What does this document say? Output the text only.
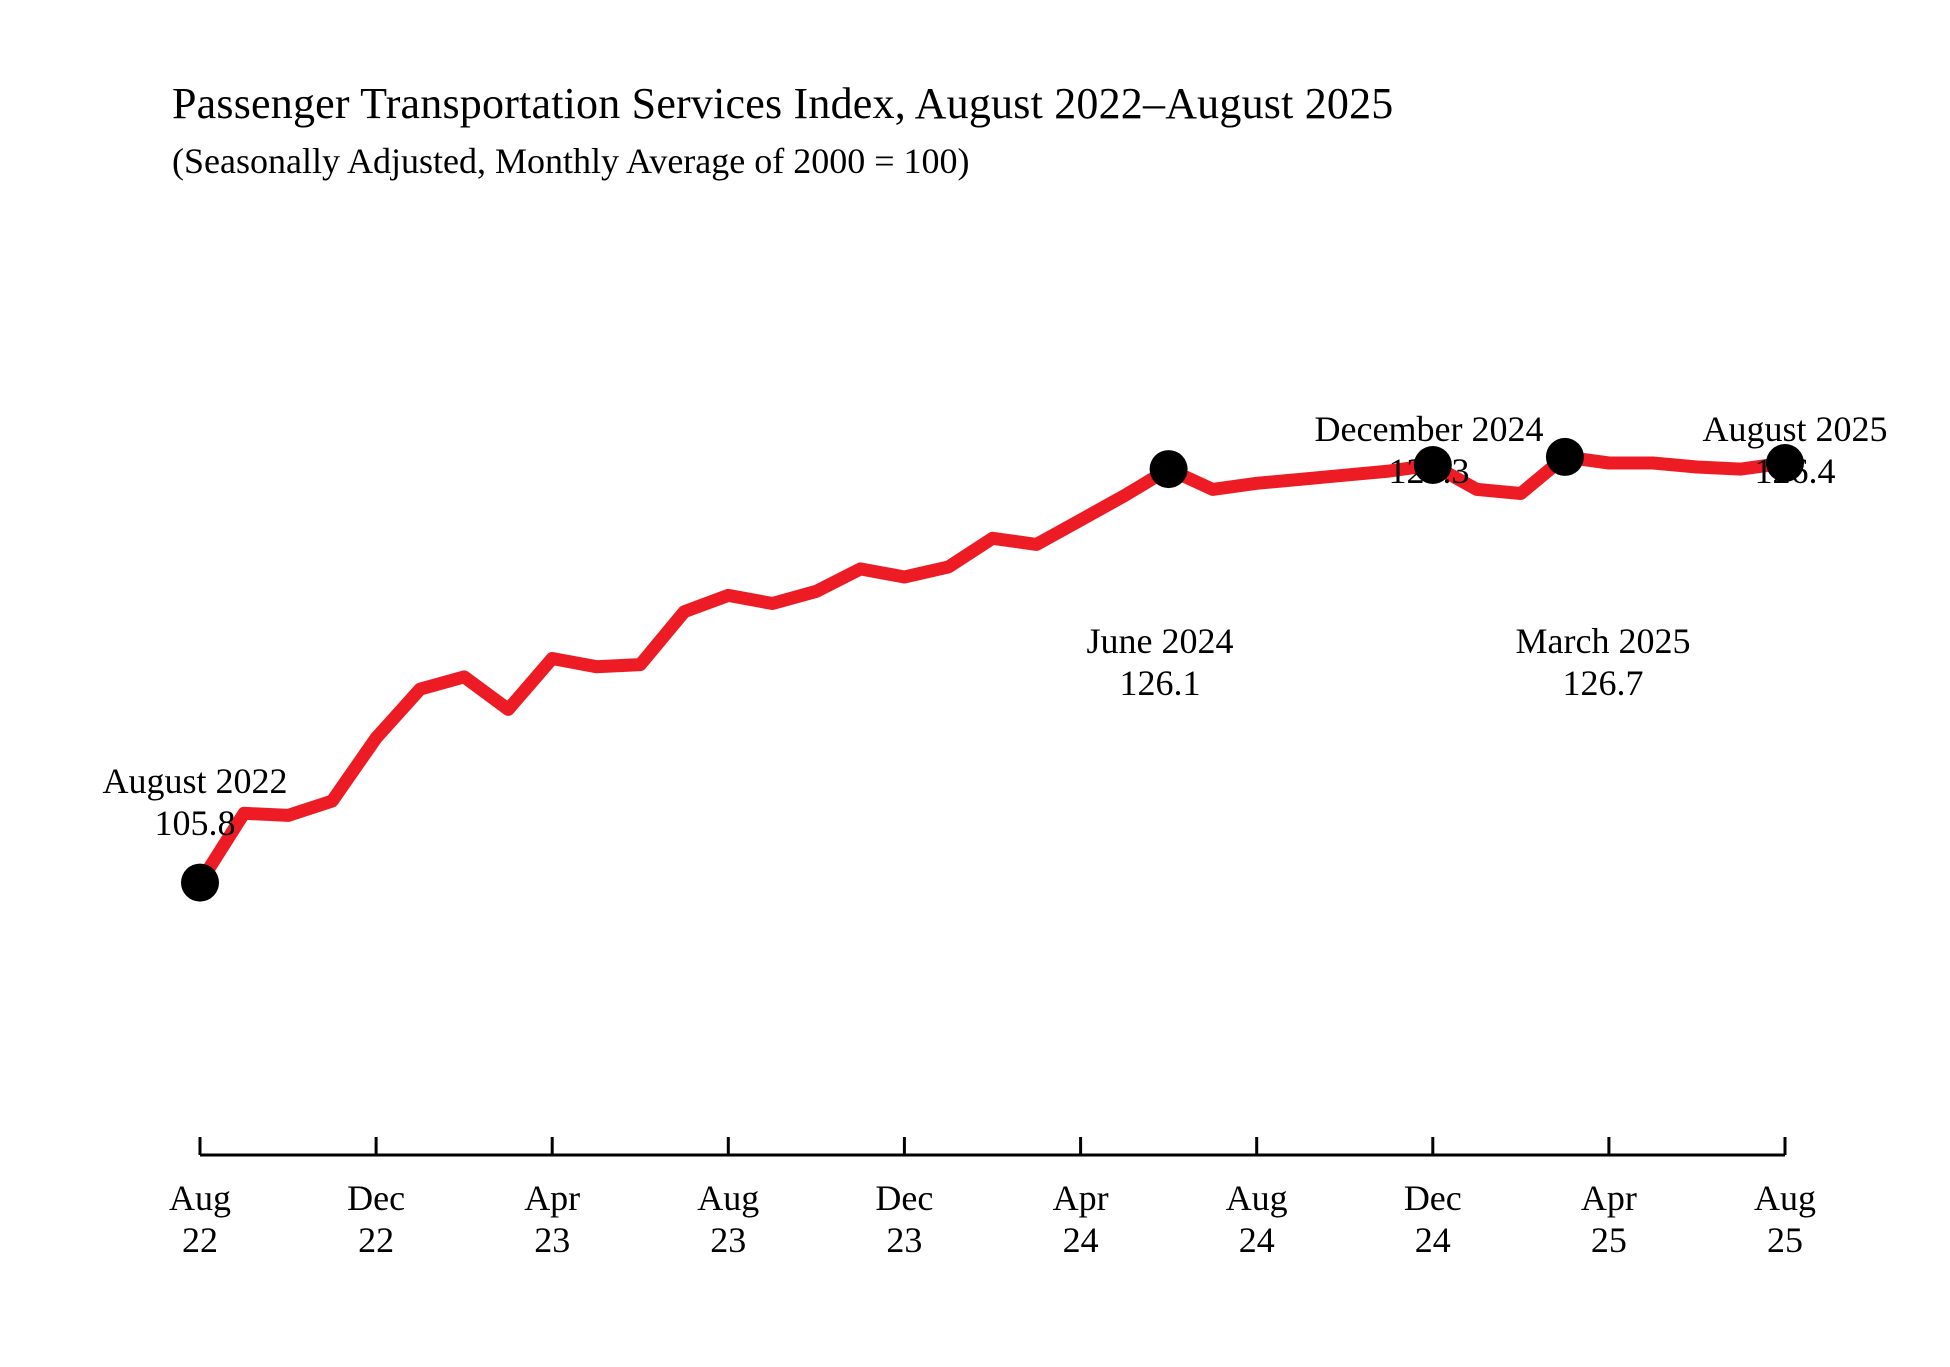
Passenger Transportation Services Index, August 2022–August 2025
(Seasonally Adjusted, Monthly Average of 2000 = 100)
August 2022
105.8
June 2024
126.1
December 2024
126.3
March 2025
126.7
August 2025
126.4
Aug
22
Dec
22
Apr
23
Aug
23
Dec
23
Apr
24
Aug
24
Dec
24
Apr
25
Aug
25
